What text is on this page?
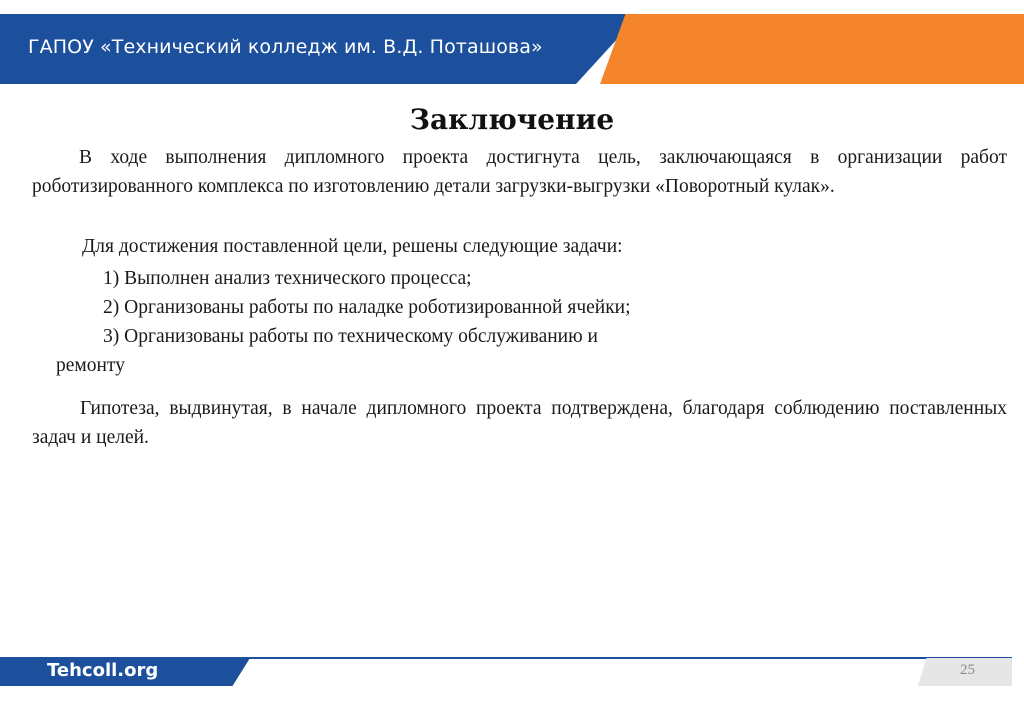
ГАПОУ «Технический колледж им. В.Д. Поташова»
Заключение
В ходе выполнения дипломного проекта достигнута цель, заключающаяся в организации работ роботизированного комплекса по изготовлению детали загрузки-выгрузки «Поворотный кулак».
Для достижения поставленной цели, решены следующие задачи:
1) Выполнен анализ технического процесса;
2) Организованы работы по наладке роботизированной ячейки;
3) Организованы работы по техническому обслуживанию и
ремонту
Гипотеза, выдвинутая, в начале дипломного проекта подтверждена, благодаря соблюдению поставленных задач и целей.
Tehcoll.org	25
